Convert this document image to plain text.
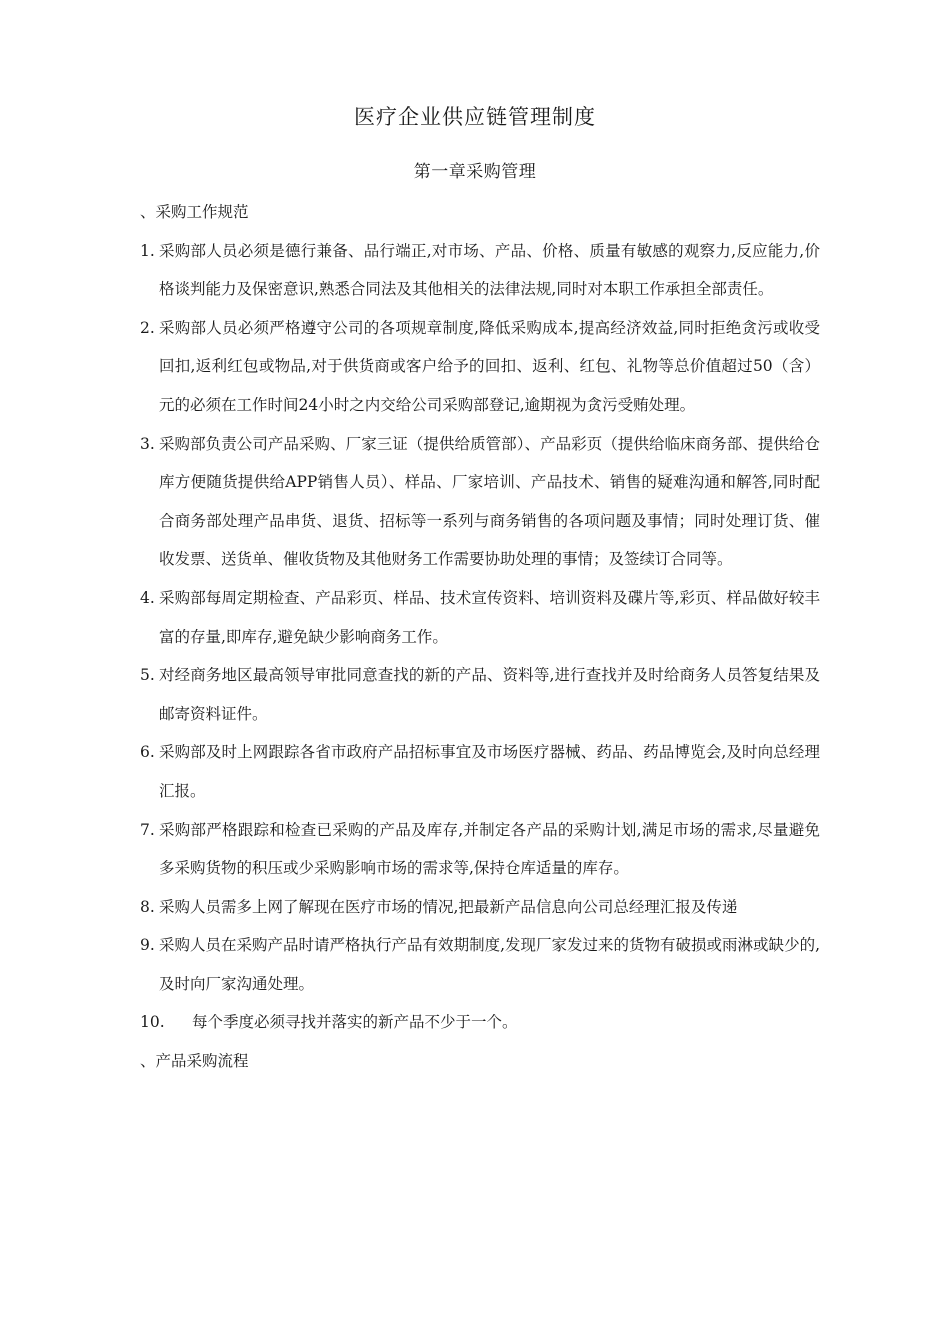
医疗企业供应链管理制度
第一章采购管理
、采购工作规范
1. 采购部人员必须是德行兼备、品行端正,对市场、产品、价格、质量有敏感的观察力,反应能力,价格谈判能力及保密意识,熟悉合同法及其他相关的法律法规,同时对本职工作承担全部责任。
2. 采购部人员必须严格遵守公司的各项规章制度,降低采购成本,提高经济效益,同时拒绝贪污或收受回扣,返利红包或物品,对于供货商或客户给予的回扣、返利、红包、礼物等总价值超过50（含）元的必须在工作时间24小时之内交给公司采购部登记,逾期视为贪污受贿处理。
3. 采购部负责公司产品采购、厂家三证（提供给质管部）、产品彩页（提供给临床商务部、提供给仓库方便随货提供给APP销售人员）、样品、厂家培训、产品技术、销售的疑难沟通和解答,同时配合商务部处理产品串货、退货、招标等一系列与商务销售的各项问题及事情；同时处理订货、催收发票、送货单、催收货物及其他财务工作需要协助处理的事情；及签续订合同等。
4. 采购部每周定期检查、产品彩页、样品、技术宣传资料、培训资料及碟片等,彩页、样品做好较丰富的存量,即库存,避免缺少影响商务工作。
5. 对经商务地区最高领导审批同意查找的新的产品、资料等,进行查找并及时给商务人员答复结果及邮寄资料证件。
6. 采购部及时上网跟踪各省市政府产品招标事宜及市场医疗器械、药品、药品博览会,及时向总经理汇报。
7. 采购部严格跟踪和检查已采购的产品及库存,并制定各产品的采购计划,满足市场的需求,尽量避免多采购货物的积压或少采购影响市场的需求等,保持仓库适量的库存。
8. 采购人员需多上网了解现在医疗市场的情况,把最新产品信息向公司总经理汇报及传递
9. 采购人员在采购产品时请严格执行产品有效期制度,发现厂家发过来的货物有破损或雨淋或缺少的,及时向厂家沟通处理。
10. 每个季度必须寻找并落实的新产品不少于一个。
、产品采购流程
